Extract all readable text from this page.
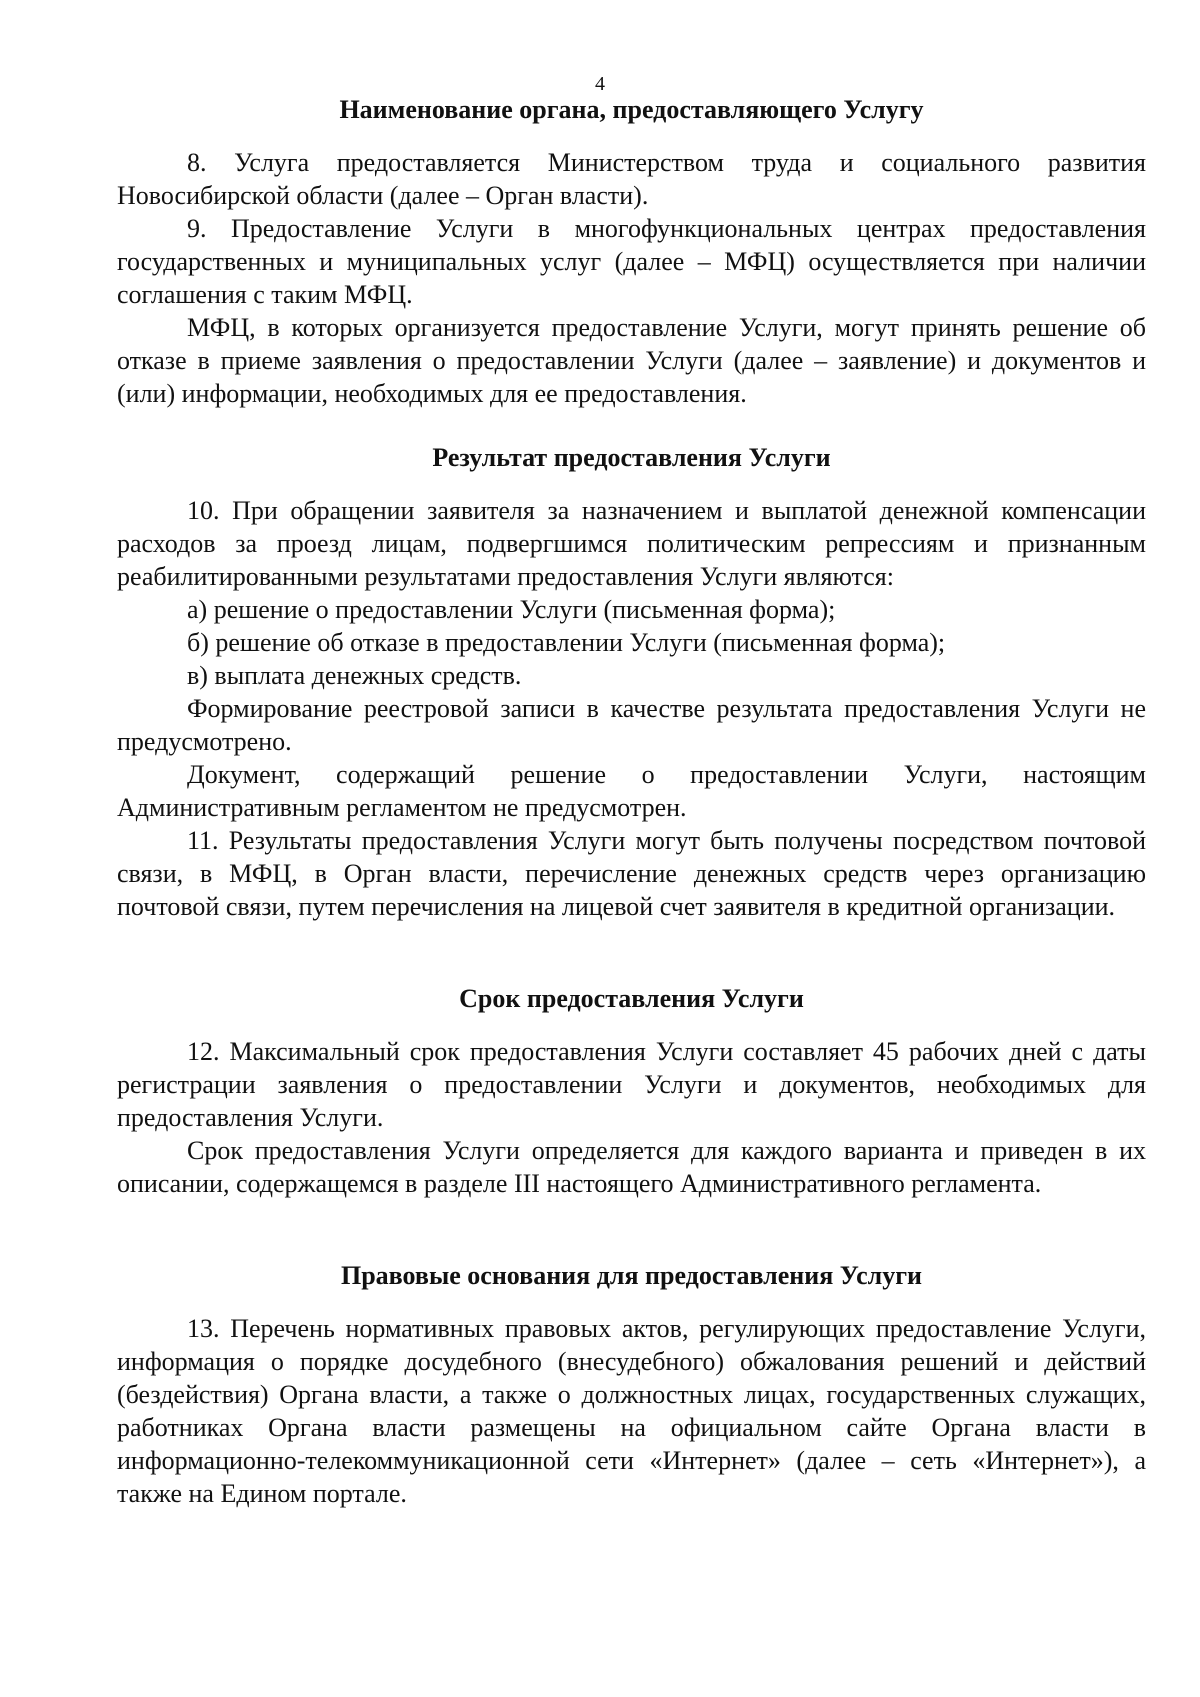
4
Наименование органа, предоставляющего Услугу

8. Услуга предоставляется Министерством труда и социального развития Новосибирской области (далее – Орган власти).

9. Предоставление Услуги в многофункциональных центрах предоставления государственных и муниципальных услуг (далее – МФЦ) осуществляется при наличии соглашения с таким МФЦ.

МФЦ, в которых организуется предоставление Услуги, могут принять решение об отказе в приеме заявления о предоставлении Услуги (далее – заявление) и документов и (или) информации, необходимых для ее предоставления.

Результат предоставления Услуги

10. При обращении заявителя за назначением и выплатой денежной компенсации расходов за проезд лицам, подвергшимся политическим репрессиям и признанным реабилитированными результатами предоставления Услуги являются:

а) решение о предоставлении Услуги (письменная форма);

б) решение об отказе в предоставлении Услуги (письменная форма);

в) выплата денежных средств.

Формирование реестровой записи в качестве результата предоставления Услуги не предусмотрено.

Документ, содержащий решение о предоставлении Услуги, настоящим Административным регламентом не предусмотрен.

11. Результаты предоставления Услуги могут быть получены посредством почтовой связи, в МФЦ, в Орган власти, перечисление денежных средств через организацию почтовой связи, путем перечисления на лицевой счет заявителя в кредитной организации.

Срок предоставления Услуги

12. Максимальный срок предоставления Услуги составляет 45 рабочих дней с даты регистрации заявления о предоставлении Услуги и документов, необходимых для предоставления Услуги.

Срок предоставления Услуги определяется для каждого варианта и приведен в их описании, содержащемся в разделе III настоящего Административного регламента.

Правовые основания для предоставления Услуги

13. Перечень нормативных правовых актов, регулирующих предоставление Услуги, информация о порядке досудебного (внесудебного) обжалования решений и действий (бездействия) Органа власти, а также о должностных лицах, государственных служащих, работниках Органа власти размещены на официальном сайте Органа власти в информационно-телекоммуникационной сети «Интернет» (далее – сеть «Интернет»), а также на Едином портале.
